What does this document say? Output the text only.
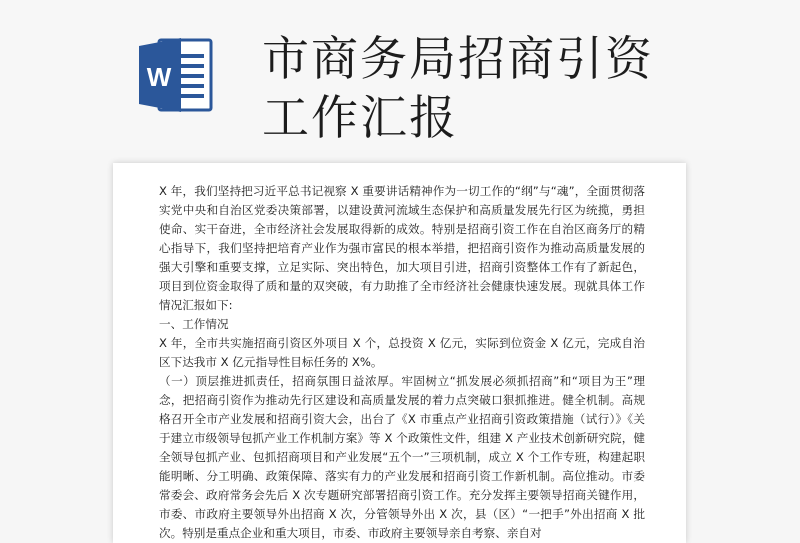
W 市商务局招商引资工作汇报

X 年，我们坚持把习近平总书记视察 X 重要讲话精神作为一切工作的“纲”与“魂”，全面贯彻落实党中央和自治区党委决策部署，以建设黄河流域生态保护和高质量发展先行区为统揽，勇担使命、实干奋进，全市经济社会发展取得新的成效。特别是招商引资工作在自治区商务厅的精心指导下，我们坚持把培育产业作为强市富民的根本举措，把招商引资作为推动高质量发展的强大引擎和重要支撑，立足实际、突出特色，加大项目引进，招商引资整体工作有了新起色，项目到位资金取得了质和量的双突破，有力助推了全市经济社会健康快速发展。现就具体工作情况汇报如下:

一、工作情况

X 年，全市共实施招商引资区外项目 X 个，总投资 X 亿元，实际到位资金 X 亿元，完成自治区下达我市 X 亿元指导性目标任务的 X%。

（一）顶层推进抓责任，招商氛围日益浓厚。牢固树立“抓发展必须抓招商”和“项目为王”理念，把招商引资作为推动先行区建设和高质量发展的着力点突破口狠抓推进。健全机制。高规格召开全市产业发展和招商引资大会，出台了《X 市重点产业招商引资政策措施（试行）》《关于建立市级领导包抓产业工作机制方案》等 X 个政策性文件，组建 X 产业技术创新研究院，健全领导包抓产业、包抓招商项目和产业发展“五个一”三项机制，成立 X 个工作专班，构建起职能明晰、分工明确、政策保障、落实有力的产业发展和招商引资工作新机制。高位推动。市委常委会、政府常务会先后 X 次专题研究部署招商引资工作。充分发挥主要领导招商关键作用，市委、市政府主要领导外出招商 X 次，分管领导外出 X 次，县（区）“一把手”外出招商 X 批次。特别是重点企业和重大项目，市委、市政府主要领导亲自考察、亲自对
